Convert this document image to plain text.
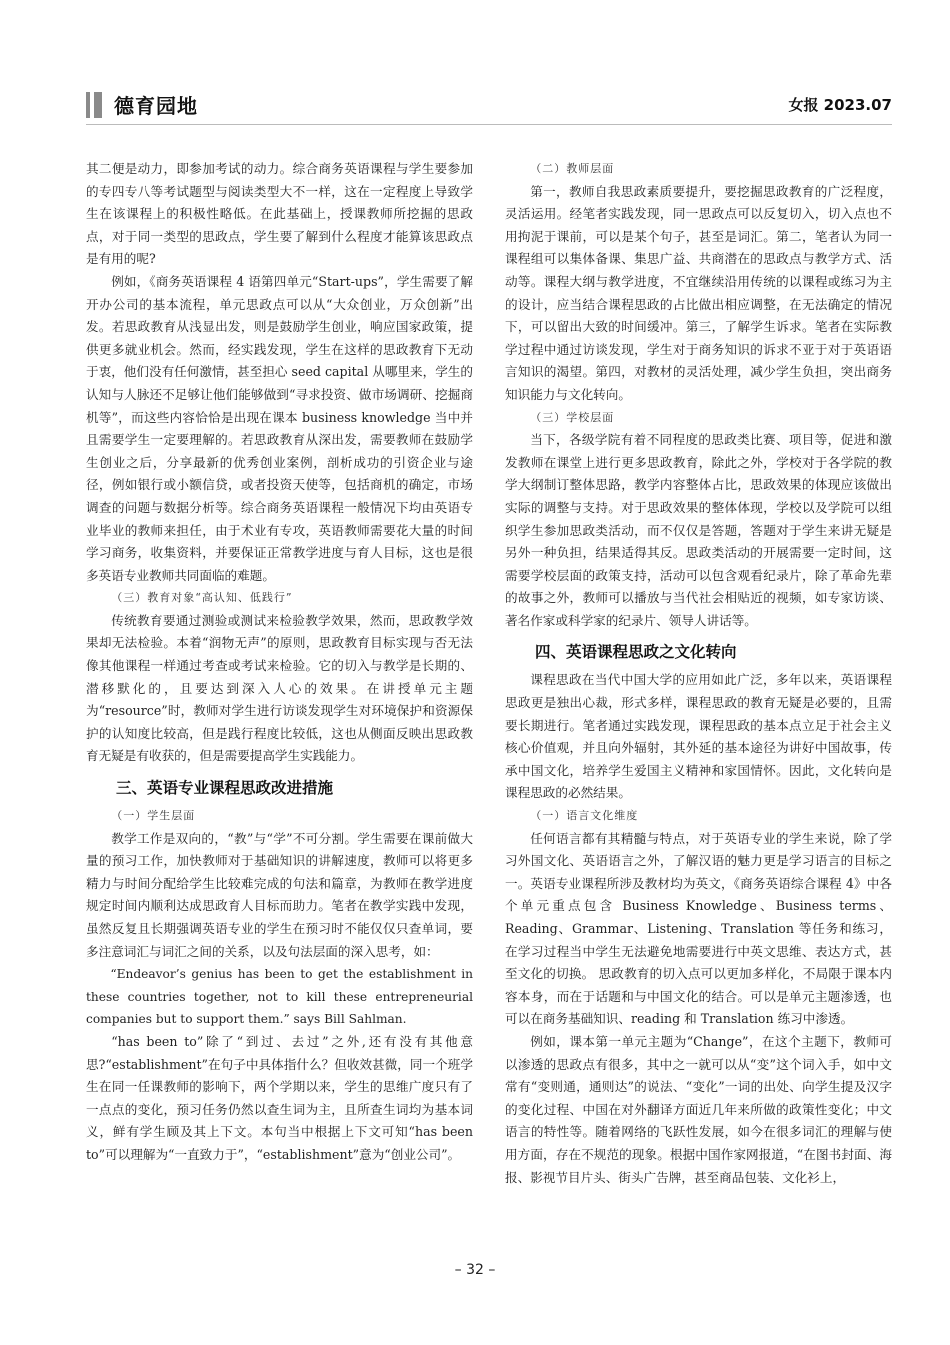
德育园地	女报 2023.07

其二便是动力，即参加考试的动力。综合商务英语课程与学生要参加的专四专八等考试题型与阅读类型大不一样，这在一定程度上导致学生在该课程上的积极性略低。在此基础上，授课教师所挖掘的思政点，对于同一类型的思政点，学生要了解到什么程度才能算该思政点是有用的呢?

例如，《商务英语课程 4 语第四单元“Start-ups”，学生需要了解开办公司的基本流程，单元思政点可以从“大众创业，万众创新”出发。若思政教育从浅显出发，则是鼓励学生创业，响应国家政策，提供更多就业机会。然而，经实践发现，学生在这样的思政教育下无动于衷，他们没有任何激情，甚至担心 seed capital 从哪里来，学生的认知与人脉还不足够让他们能够做到“寻求投资、做市场调研、挖掘商机等”，而这些内容恰恰是出现在课本 business knowledge 当中并且需要学生一定要理解的。若思政教育从深出发，需要教师在鼓励学生创业之后，分享最新的优秀创业案例，剖析成功的引资企业与途径，例如银行或小额信贷，或者投资天使等，包括商机的确定，市场调查的问题与数据分析等。综合商务英语课程一般情况下均由英语专业毕业的教师来担任，由于术业有专攻，英语教师需要花大量的时间学习商务，收集资料，并要保证正常教学进度与育人目标，这也是很多英语专业教师共同面临的难题。

（三）教育对象“高认知、低践行”

传统教育要通过测验或测试来检验教学效果，然而，思政教学效果却无法检验。本着“润物无声”的原则，思政教育目标实现与否无法像其他课程一样通过考查或考试来检验。它的切入与教学是长期的、潜移默化的，且要达到深入人心的效果。在讲授单元主题为“resource”时，教师对学生进行访谈发现学生对环境保护和资源保护的认知度比较高，但是践行程度比较低，这也从侧面反映出思政教育无疑是有收获的，但是需要提高学生实践能力。

三、英语专业课程思政改进措施
（一）学生层面

教学工作是双向的，“教”与“学”不可分割。学生需要在课前做大量的预习工作，加快教师对于基础知识的讲解速度，教师可以将更多精力与时间分配给学生比较难完成的句法和篇章，为教师在教学进度规定时间内顺利达成思政育人目标而助力。笔者在教学实践中发现，虽然反复且长期强调英语专业的学生在预习时不能仅仅只查单词，要多注意词汇与词汇之间的关系，以及句法层面的深入思考，如：

“Endeavor’s genius has been to get the establishment in these countries together, not to kill these entrepreneurial companies but to support them.” says Bill Sahlman.

“has been to”除了“到过、去过”之外,还有没有其他意思?“establishment”在句子中具体指什么？但收效甚微，同一个班学生在同一任课教师的影响下，两个学期以来，学生的思维广度只有了一点点的变化，预习任务仍然以查生词为主，且所查生词均为基本词义，鲜有学生顾及其上下文。本句当中根据上下文可知“has been to”可以理解为“一直致力于”，“establishment”意为“创业公司”。

（二）教师层面

第一，教师自我思政素质要提升，要挖掘思政教育的广泛程度，灵活运用。经笔者实践发现，同一思政点可以反复切入，切入点也不用拘泥于课前，可以是某个句子，甚至是词汇。第二，笔者认为同一课程组可以集体备课、集思广益、共商潜在的思政点与教学方式、活动等。课程大纲与教学进度，不宜继续沿用传统的以课程或练习为主的设计，应当结合课程思政的占比做出相应调整，在无法确定的情况下，可以留出大致的时间缓冲。第三，了解学生诉求。笔者在实际教学过程中通过访谈发现，学生对于商务知识的诉求不亚于对于英语语言知识的渴望。第四，对教材的灵活处理，减少学生负担，突出商务知识能力与文化转向。

（三）学校层面

当下，各级学院有着不同程度的思政类比赛、项目等，促进和激发教师在课堂上进行更多思政教育，除此之外，学校对于各学院的教学大纲制订整体思路，教学内容整体占比，思政效果的体现应该做出实际的调整与支持。对于思政效果的整体体现，学校以及学院可以组织学生参加思政类活动，而不仅仅是答题，答题对于学生来讲无疑是另外一种负担，结果适得其反。思政类活动的开展需要一定时间，这需要学校层面的政策支持，活动可以包含观看纪录片，除了革命先辈的故事之外，教师可以播放与当代社会相贴近的视频，如专家访谈、著名作家或科学家的纪录片、领导人讲话等。

四、英语课程思政之文化转向

课程思政在当代中国大学的应用如此广泛，多年以来，英语课程思政更是独出心裁，形式多样，课程思政的教育无疑是必要的，且需要长期进行。笔者通过实践发现，课程思政的基本点立足于社会主义核心价值观，并且向外辐射，其外延的基本途径为讲好中国故事，传承中国文化，培养学生爱国主义精神和家国情怀。因此，文化转向是课程思政的必然结果。

（一）语言文化维度

任何语言都有其精髓与特点，对于英语专业的学生来说，除了学习外国文化、英语语言之外，了解汉语的魅力更是学习语言的目标之一。英语专业课程所涉及教材均为英文，《商务英语综合课程 4》中各个单元重点包含 Business Knowledge、Business terms、Reading、Grammar、Listening、Translation 等任务和练习，在学习过程当中学生无法避免地需要进行中英文思维、表达方式，甚至文化的切换。 思政教育的切入点可以更加多样化，不局限于课本内容本身，而在于话题和与中国文化的结合。可以是单元主题渗透，也可以在商务基础知识、reading 和 Translation 练习中渗透。

例如，课本第一单元主题为“Change”，在这个主题下，教师可以渗透的思政点有很多，其中之一就可以从“变”这个词入手，如中文常有“变则通，通则达”的说法、“变化”一词的出处、向学生提及汉字的变化过程、中国在对外翻译方面近几年来所做的政策性变化；中文语言的特性等。随着网络的飞跃性发展，如今在很多词汇的理解与使用方面，存在不规范的现象。根据中国作家网报道，“在图书封面、海报、影视节目片头、街头广告牌，甚至商品包装、文化衫上，

– 32 –
